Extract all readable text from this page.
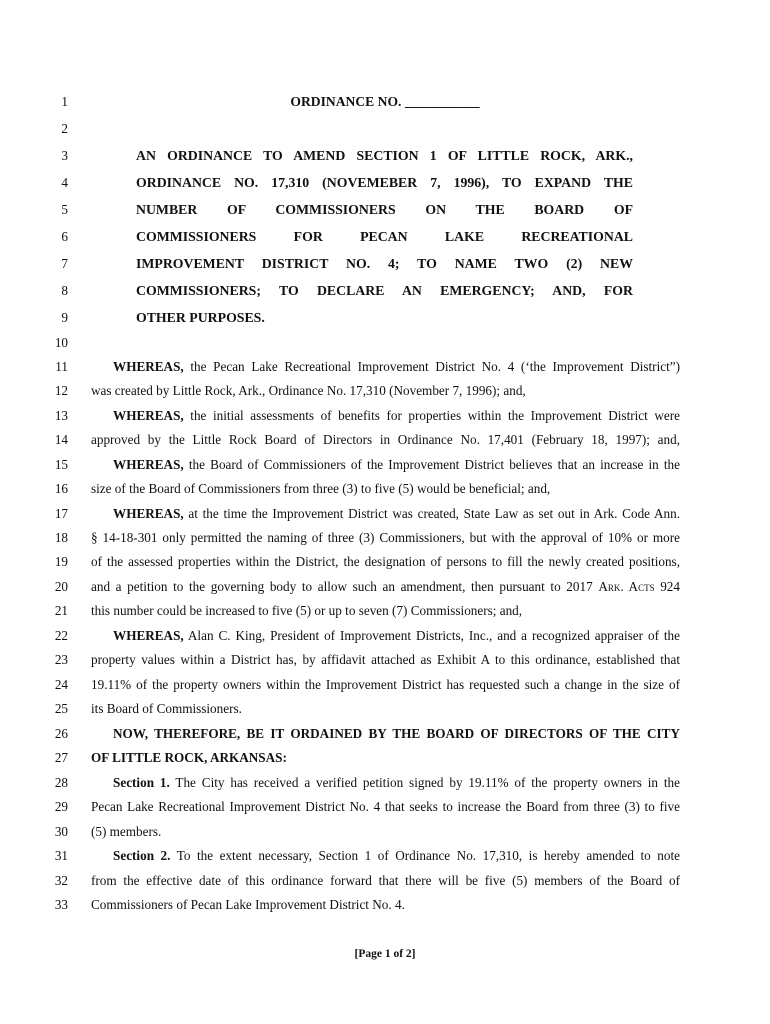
1
2
3
4
5
6
7
8
9
10
11
12
13
14
15
16
17
18
19
20
21
22
23
24
25
26
27
28
29
30
31
32
33
ORDINANCE NO. ___________
AN ORDINANCE TO AMEND SECTION 1 OF LITTLE ROCK, ARK.,
ORDINANCE NO. 17,310 (NOVEMEBER 7, 1996), TO EXPAND THE
NUMBER OF COMMISSIONERS ON THE BOARD OF
COMMISSIONERS FOR PECAN LAKE RECREATIONAL
IMPROVEMENT DISTRICT NO. 4; TO NAME TWO (2) NEW
COMMISSIONERS; TO DECLARE AN EMERGENCY; AND, FOR
OTHER PURPOSES.
WHEREAS, the Pecan Lake Recreational Improvement District No. 4 (‘the Improvement District”)
was created by Little Rock, Ark., Ordinance No. 17,310 (November 7, 1996); and,
WHEREAS, the initial assessments of benefits for properties within the Improvement District were
approved by the Little Rock Board of Directors in Ordinance No. 17,401 (February 18, 1997); and,
WHEREAS, the Board of Commissioners of the Improvement District believes that an increase in the
size of the Board of Commissioners from three (3) to five (5) would be beneficial; and,
WHEREAS, at the time the Improvement District was created, State Law as set out in Ark. Code Ann.
§ 14-18-301 only permitted the naming of three (3) Commissioners, but with the approval of 10% or more
of the assessed properties within the District, the designation of persons to fill the newly created positions,
and a petition to the governing body to allow such an amendment, then pursuant to 2017 Ark. Acts 924
this number could be increased to five (5) or up to seven (7) Commissioners; and,
WHEREAS, Alan C. King, President of Improvement Districts, Inc., and a recognized appraiser of the
property values within a District has, by affidavit attached as Exhibit A to this ordinance, established that
19.11% of the property owners within the Improvement District has requested such a change in the size of
its Board of Commissioners.
NOW, THEREFORE, BE IT ORDAINED BY THE BOARD OF DIRECTORS OF THE CITY
OF LITTLE ROCK, ARKANSAS:
Section 1. The City has received a verified petition signed by 19.11% of the property owners in the
Pecan Lake Recreational Improvement District No. 4 that seeks to increase the Board from three (3) to five
(5) members.
Section 2. To the extent necessary, Section 1 of Ordinance No. 17,310, is hereby amended to note
from the effective date of this ordinance forward that there will be five (5) members of the Board of
Commissioners of Pecan Lake Improvement District No. 4.
[Page 1 of 2]
